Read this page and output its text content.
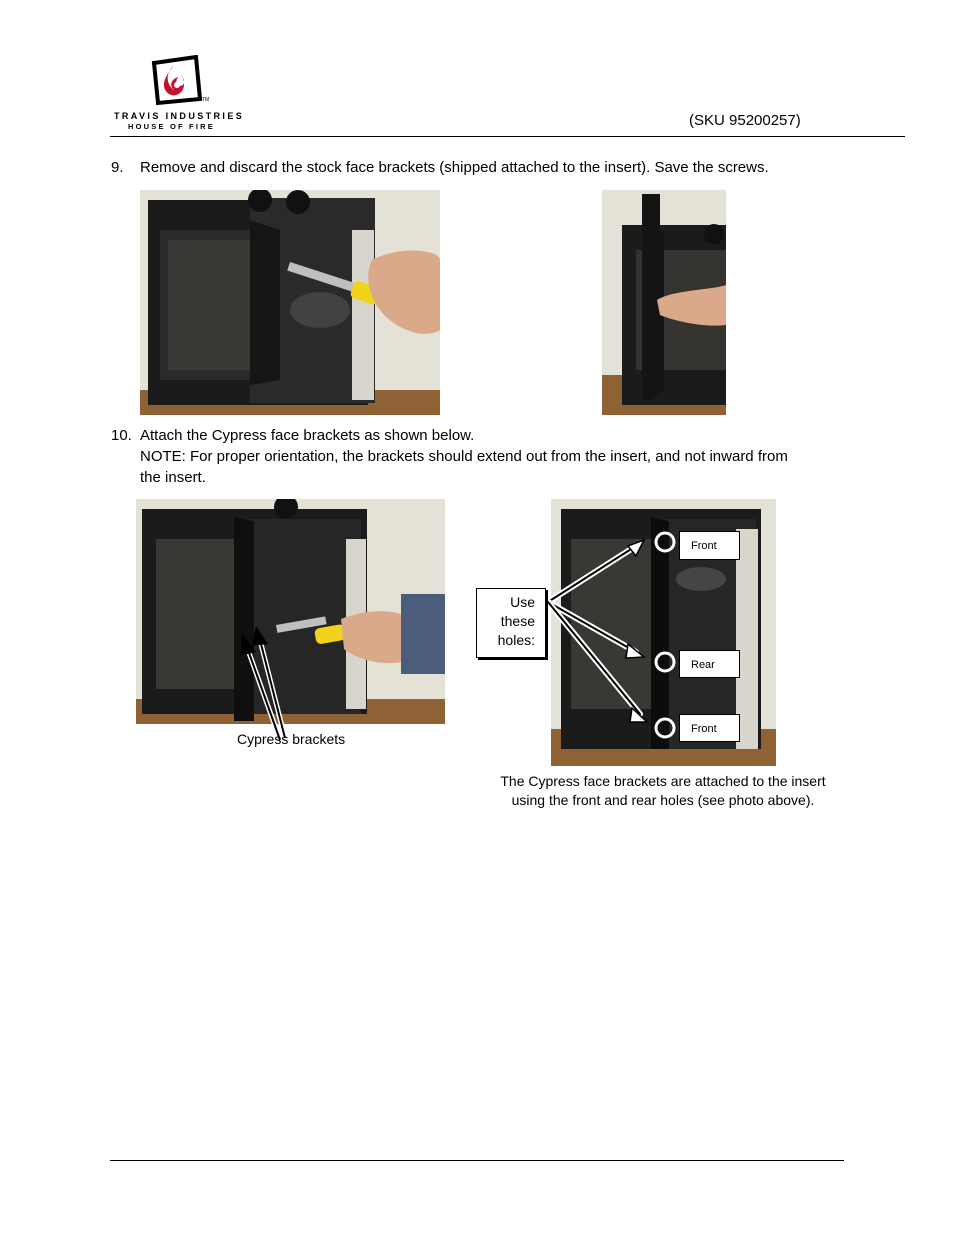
TRAVIS INDUSTRIES
HOUSE OF FIRE
TM
(SKU 95200257)
9. Remove and discard the stock face brackets (shipped attached to the insert). Save the screws.
10. Attach the Cypress face brackets as shown below.
NOTE: For proper orientation, the brackets should extend out from the insert, and not inward from
the insert.
Cypress brackets
Use
these
holes:
Front
Rear
Front
The Cypress face brackets are attached to the insert
using the front and rear holes (see photo above).
